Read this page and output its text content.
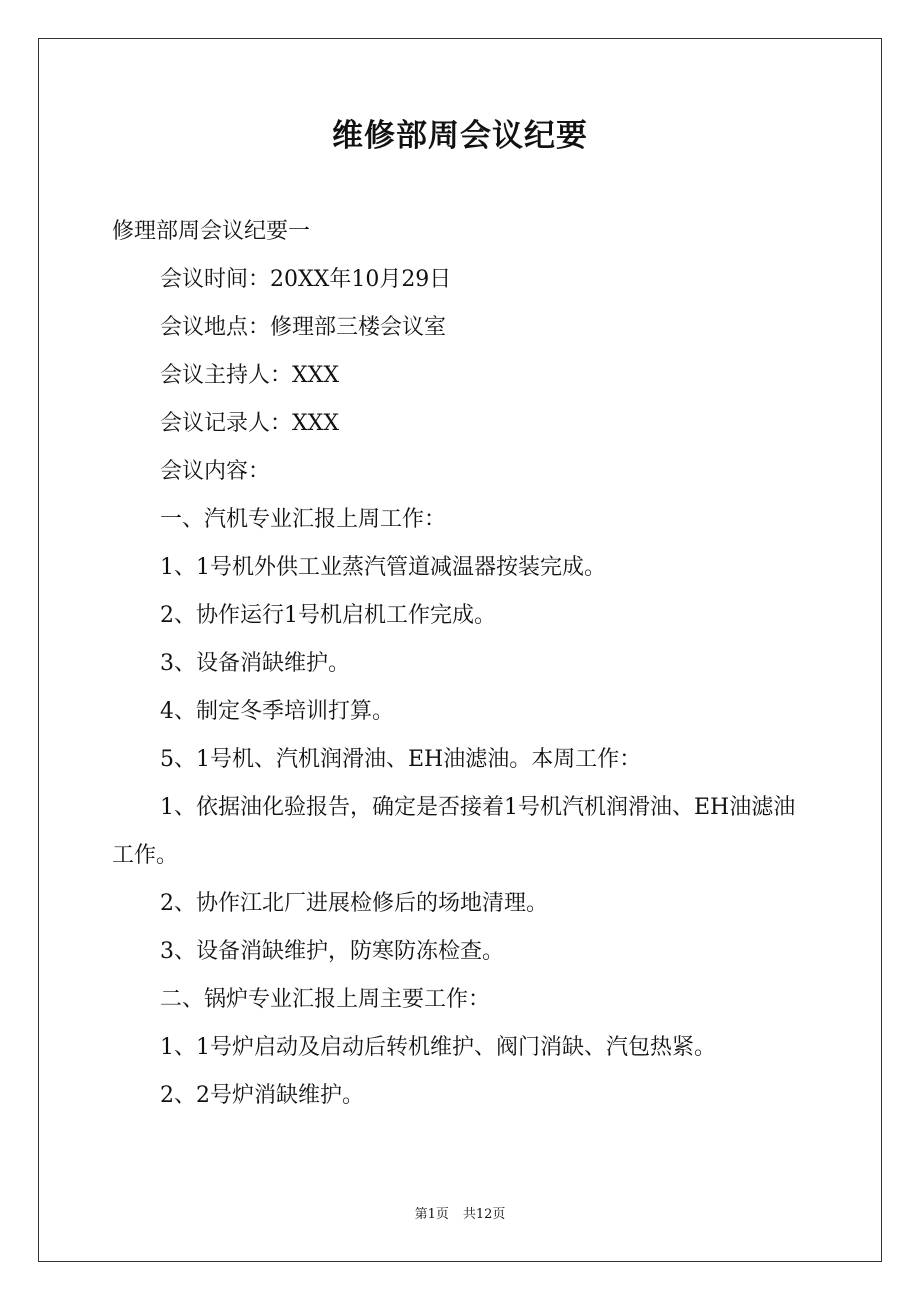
维修部周会议纪要

修理部周会议纪要一

会议时间：20XX年10月29日

会议地点：修理部三楼会议室

会议主持人：XXX

会议记录人：XXX

会议内容：

一、汽机专业汇报上周工作：

1、1号机外供工业蒸汽管道减温器按装完成。

2、协作运行1号机启机工作完成。

3、设备消缺维护。

4、制定冬季培训打算。

5、1号机、汽机润滑油、EH油滤油。本周工作：

1、依据油化验报告，确定是否接着1号机汽机润滑油、EH油滤油工作。

2、协作江北厂进展检修后的场地清理。

3、设备消缺维护，防寒防冻检查。

二、锅炉专业汇报上周主要工作：

1、1号炉启动及启动后转机维护、阀门消缺、汽包热紧。

2、2号炉消缺维护。

第1页 共12页
